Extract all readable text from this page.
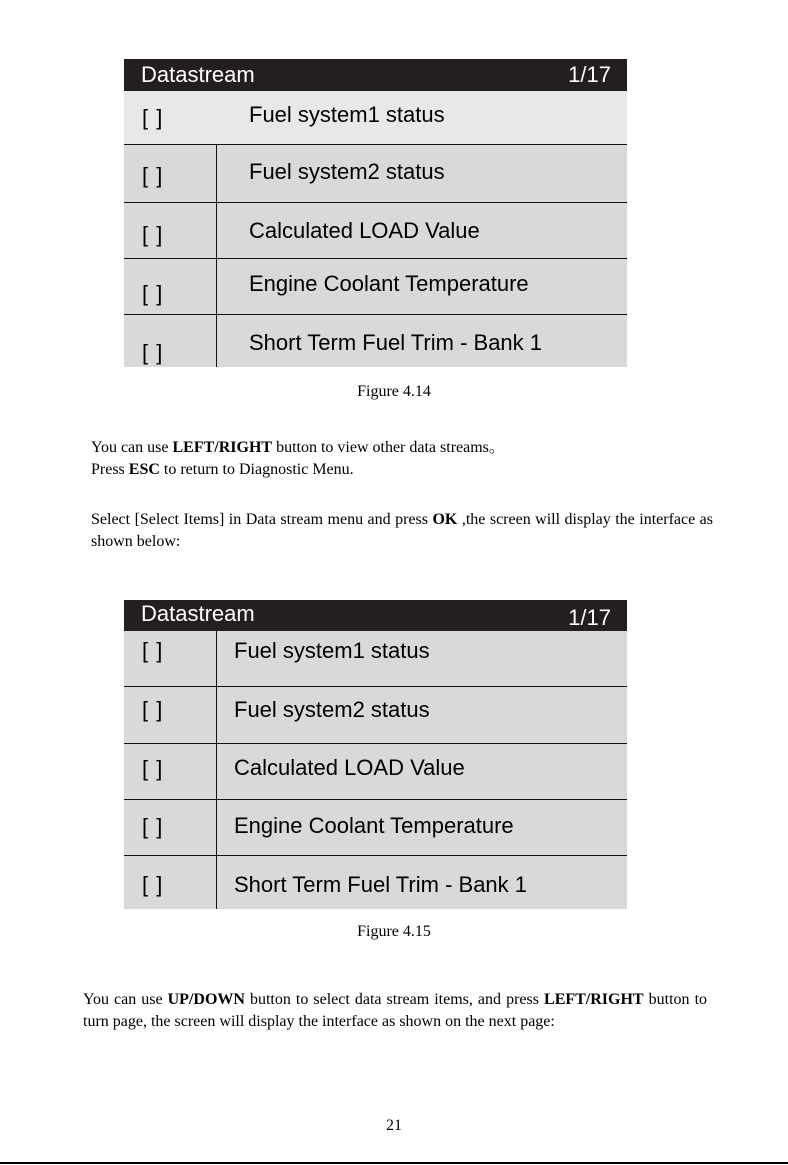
Datastream	1/17
[ ]	Fuel system1 status
[ ]	Fuel system2 status
[ ]	Calculated LOAD Value
[ ]	Engine Coolant Temperature
[ ]	Short Term Fuel Trim - Bank 1
Figure 4.14
You can use LEFT/RIGHT button to view other data streams。
Press ESC to return to Diagnostic Menu.
Select [Select Items] in Data stream menu and press OK ,the screen will display the interface as shown below:
Datastream	1/17
[ ]	Fuel system1 status
[ ]	Fuel system2 status
[ ]	Calculated LOAD Value
[ ]	Engine Coolant Temperature
[ ]	Short Term Fuel Trim - Bank 1
Figure 4.15
You can use UP/DOWN button to select data stream items, and press LEFT/RIGHT button to turn page, the screen will display the interface as shown on the next page:
21
